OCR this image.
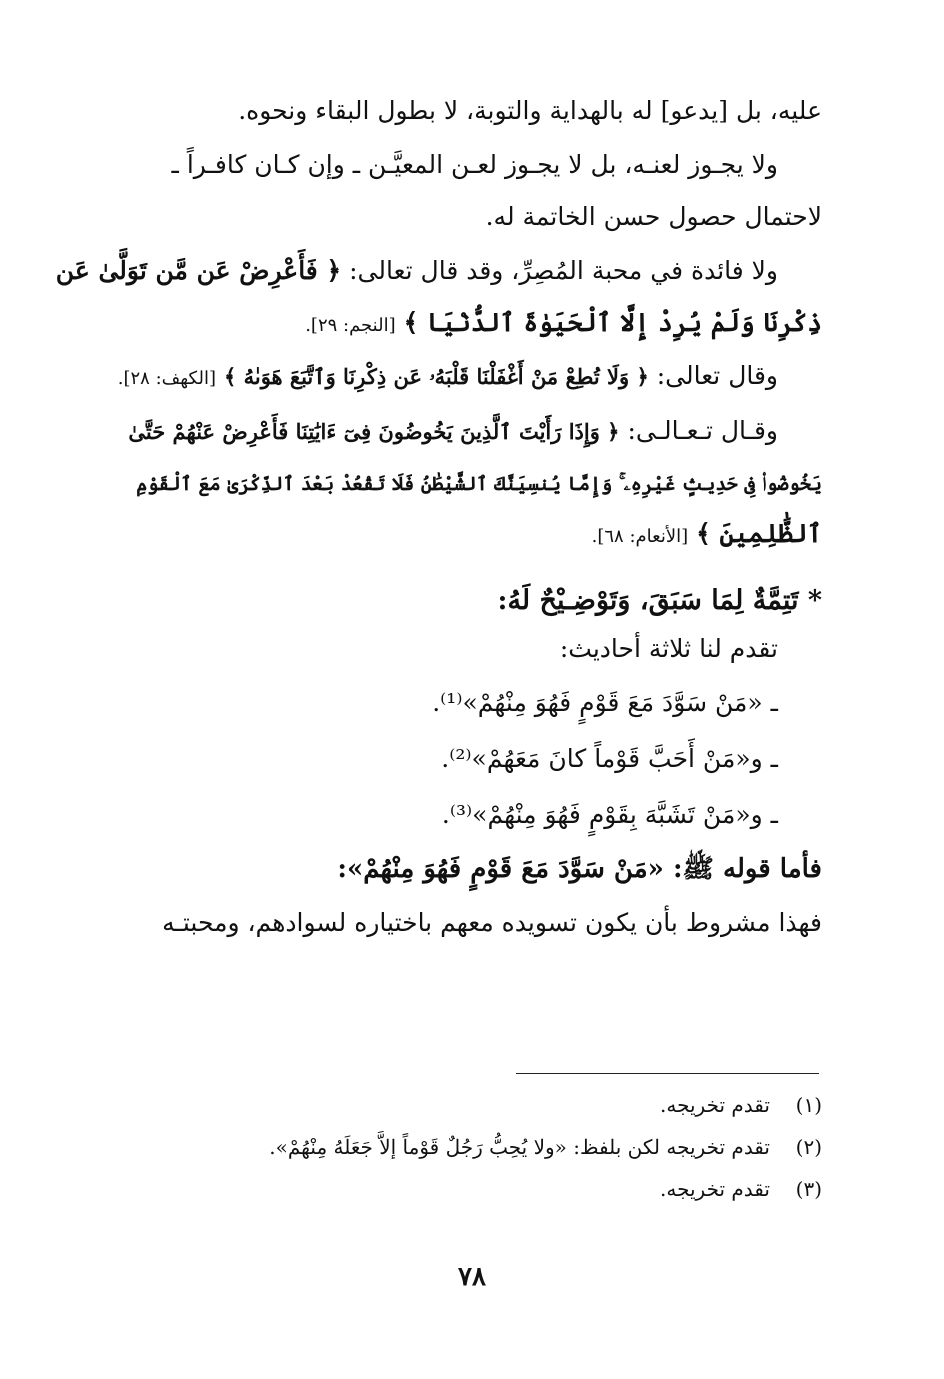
عليه، بل [يدعو] له بالهداية والتوبة، لا بطول البقاء ونحوه.
ولا يجـوز لعنـه، بل لا يجـوز لعـن المعيَّـن ـ وإن كـان كافـراً ـ
لاحتمال حصول حسن الخاتمة له.
ولا فائدة في محبة المُصِرِّ، وقد قال تعالى: ﴿ فَأَعْرِضْ عَن مَّن تَوَلَّىٰ عَن
ذِكْرِنَا وَلَمْ يُرِدْ إِلَّا ٱلْحَيَوٰةَ ٱلدُّنْيَا ﴾ [النجم: ٢٩].
وقال تعالى: ﴿ وَلَا تُطِعْ مَنْ أَغْفَلْنَا قَلْبَهُۥ عَن ذِكْرِنَا وَٱتَّبَعَ هَوَىٰهُ ﴾ [الكهف: ٢٨].
وقـال تـعـالـى: ﴿ وَإِذَا رَأَيْتَ ٱلَّذِينَ يَخُوضُونَ فِىٓ ءَايَٰتِنَا فَأَعْرِضْ عَنْهُمْ حَتَّىٰ
يَخُوضُوا۟ فِى حَدِيثٍ غَيْرِهِۦ ۚ وَإِمَّا يُنسِيَنَّكَ ٱلشَّيْطَٰنُ فَلَا تَقْعُدْ بَعْدَ ٱلذِّكْرَىٰ مَعَ ٱلْقَوْمِ
ٱلظَّٰلِمِينَ ﴾ [الأنعام: ٦٨].
* تَتِمَّةٌ لِمَا سَبَقَ، وَتَوْضِـيْحٌ لَهُ:
تقدم لنا ثلاثة أحاديث:
ـ «مَنْ سَوَّدَ مَعَ قَوْمٍ فَهُوَ مِنْهُمْ»⁽¹⁾.
ـ و«مَنْ أَحَبَّ قَوْماً كانَ مَعَهُمْ»⁽²⁾.
ـ و«مَنْ تَشَبَّهَ بِقَوْمٍ فَهُوَ مِنْهُمْ»⁽³⁾.
فأما قوله ﷺ: «مَنْ سَوَّدَ مَعَ قَوْمٍ فَهُوَ مِنْهُمْ»:
فهذا مشروط بأن يكون تسويده معهم باختياره لسوادهم، ومحبتـه
(١)
تقدم تخريجه.
(٢)
تقدم تخريجه لكن بلفظ: «ولا يُحِبُّ رَجُلٌ قَوْماً إلاَّ جَعَلَهُ مِنْهُمْ».
(٣)
تقدم تخريجه.
٧٨
